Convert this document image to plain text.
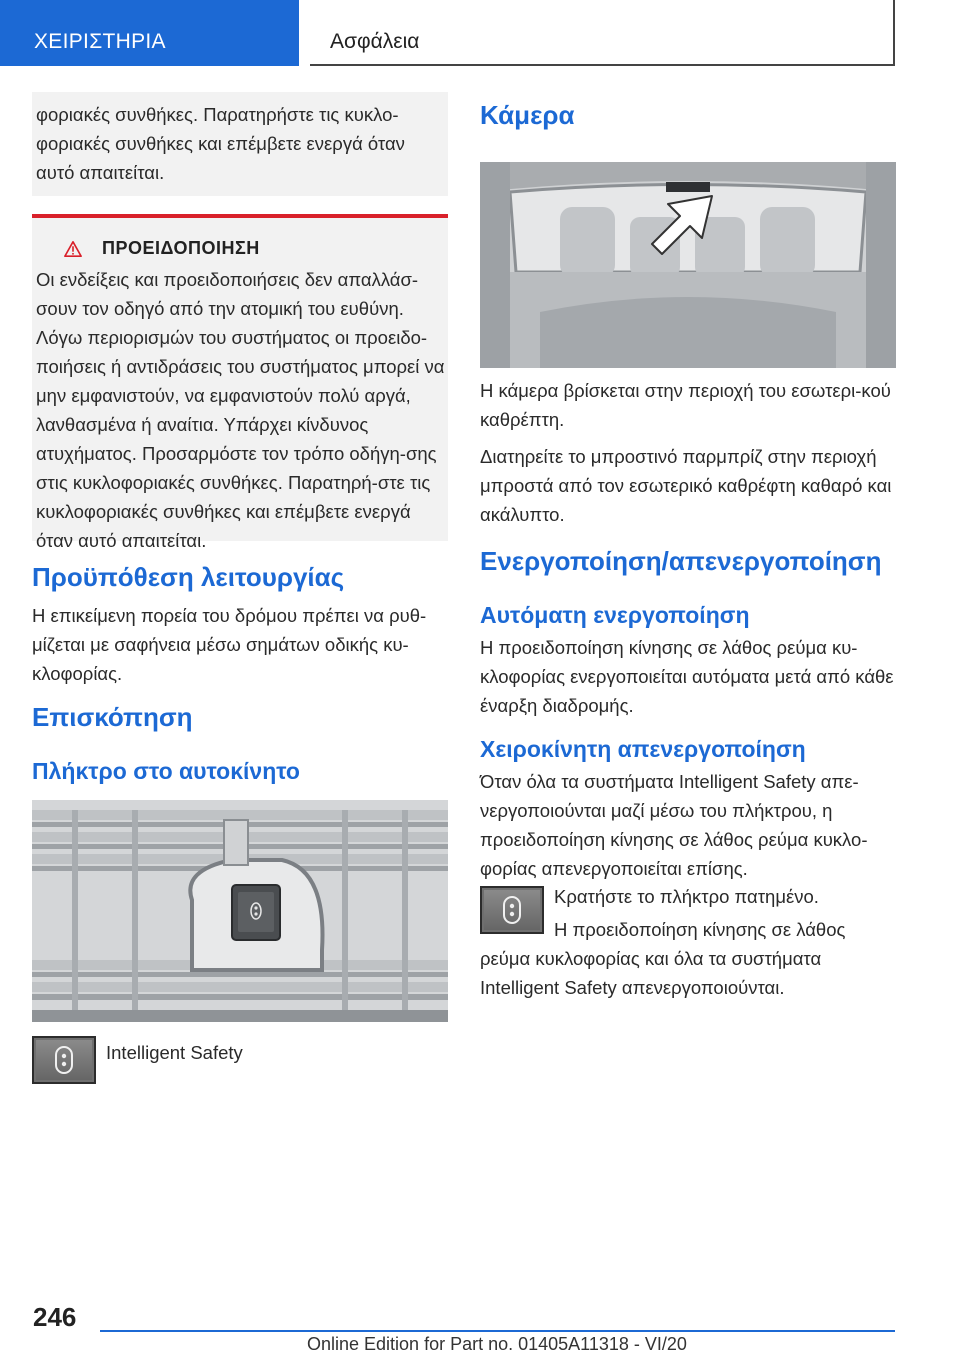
ΧΕΙΡΙΣΤΗΡΙΑ	Ασφάλεια

φοριακές συνθήκες. Παρατηρήστε τις κυκλο-φοριακές συνθήκες και επέμβετε ενεργά όταν αυτό απαιτείται.

ΠΡΟΕΙΔΟΠΟΙΗΣΗ

Οι ενδείξεις και προειδοποιήσεις δεν απαλλάσ-σουν τον οδηγό από την ατομική του ευθύνη. Λόγω περιορισμών του συστήματος οι προειδο-ποιήσεις ή αντιδράσεις του συστήματος μπορεί να μην εμφανιστούν, να εμφανιστούν πολύ αργά, λανθασμένα ή αναίτια. Υπάρχει κίνδυνος ατυχήματος. Προσαρμόστε τον τρόπο οδήγη-σης στις κυκλοφοριακές συνθήκες. Παρατηρή-στε τις κυκλοφοριακές συνθήκες και επέμβετε ενεργά όταν αυτό απαιτείται.

Προϋπόθεση λειτουργίας

Η επικείμενη πορεία του δρόμου πρέπει να ρυθ-μίζεται με σαφήνεια μέσω σημάτων οδικής κυ-κλοφορίας.

Επισκόπηση
Πλήκτρο στο αυτοκίνητο

Intelligent Safety

Κάμερα

Η κάμερα βρίσκεται στην περιοχή του εσωτερι-κού καθρέπτη.

Διατηρείτε το μπροστινό παρμπρίζ στην περιοχή μπροστά από τον εσωτερικό καθρέφτη καθαρό και ακάλυπτο.

Ενεργοποίηση/απενεργοποίηση
Αυτόματη ενεργοποίηση

Η προειδοποίηση κίνησης σε λάθος ρεύμα κυ-κλοφορίας ενεργοποιείται αυτόματα μετά από κάθε έναρξη διαδρομής.

Χειροκίνητη απενεργοποίηση

Όταν όλα τα συστήματα Intelligent Safety απε-νεργοποιούνται μαζί μέσω του πλήκτρου, η προειδοποίηση κίνησης σε λάθος ρεύμα κυκλο-φορίας απενεργοποιείται επίσης.

Κρατήστε το πλήκτρο πατημένο.

Η προειδοποίηση κίνησης σε λάθος ρεύμα κυκλοφορίας και όλα τα συστήματα Intelligent Safety απενεργοποιούνται.

246
Online Edition for Part no. 01405A11318 - VI/20
